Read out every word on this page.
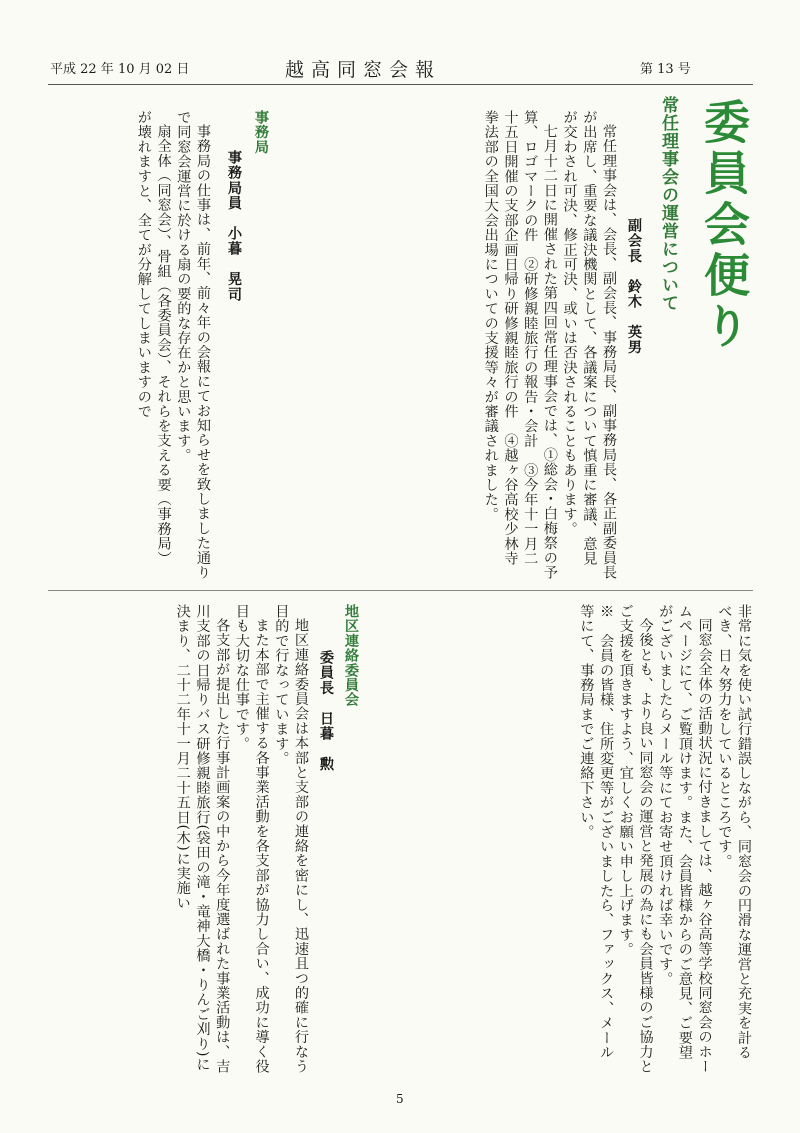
平成 22 年 10 月 02 日	越高同窓会報	第 13 号
委員会便り
常任理事会の運営について
副会長　鈴木　英男

常任理事会は、会長、副会長、事務局長、副事務局長、各正副委員長が出席し、重要な議決機関として、各議案について慎重に審議、意見が交わされ可決、修正可決、或いは否決されることもあります。

七月十二日に開催された第四回常任理事会では、①総会・白梅祭の予算、ロゴマークの件　②研修親睦旅行の報告・会計　③今年十一月二十五日開催の支部企画日帰り研修親睦旅行の件　④越ヶ谷高校少林寺拳法部の全国大会出場についての支援等々が審議されました。

事務局
事務局員　小暮　晃司

事務局の仕事は、前年、前々年の会報にてお知らせを致しました通りで同窓会運営に於ける扇の要的な存在かと思います。

扇全体（同窓会）、骨組（各委員会）、それらを支える要（事務局）が壊れますと、全てが分解してしまいますので

非常に気を使い試行錯誤しながら、同窓会の円滑な運営と充実を計るべき、日々努力をしているところです。

同窓会全体の活動状況に付きましては、越ヶ谷高等学校同窓会のホームページにて、ご覧頂けます。また、会員皆様からのご意見、ご要望がございましたらメール等にてお寄せ頂ければ幸いです。

今後とも、より良い同窓会の運営と発展の為にも会員皆様のご協力とご支援を頂きますよう、宜しくお願い申し上げます。

※　会員の皆様、住所変更等がございましたら、ファックス、メール等にて、事務局までご連絡下さい。

地区連絡委員会
委員長　日暮　勲

地区連絡委員会は本部と支部の連絡を密にし、迅速且つ的確に行なう目的で行なっています。

また本部で主催する各事業活動を各支部が協力し合い、成功に導く役目も大切な仕事です。

各支部が提出した行事計画案の中から今年度選ばれた事業活動は、吉川支部の日帰りバス研修親睦旅行(袋田の滝・竜神大橋・りんご刈り)に決まり、二十二年十一月二十五日(木)に実施い

5
